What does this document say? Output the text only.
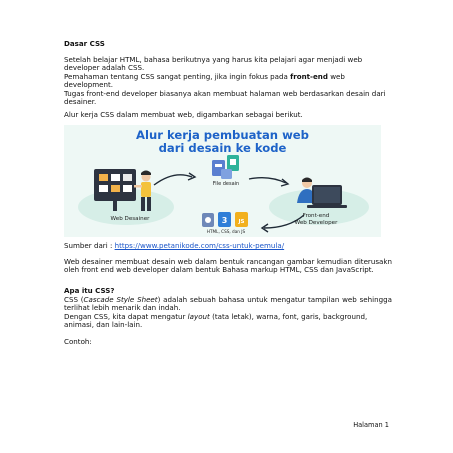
Dasar CSS

Setelah belajar HTML, bahasa berikutnya yang harus kita pelajari agar menjadi web developer adalah CSS.

Pemahaman tentang CSS sangat penting, jika ingin fokus pada front-end web development.

Tugas front-end developer biasanya akan membuat halaman web berdasarkan desain dari desainer.

Alur kerja CSS dalam membuat web, digambarkan sebagai berikut.

Alur kerja pembuatan web
dari desain ke kode
3 JS
File desain
Web Desainer	Front-end
Web Developer
HTML, CSS, dan JS

Sumber dari : https://www.petanikode.com/css-untuk-pemula/

Web desainer membuat desain web dalam bentuk rancangan gambar kemudian diterusakn oleh front end web developer dalam bentuk Bahasa markup HTML, CSS dan JavaScript.

Apa itu CSS?

CSS (Cascade Style Sheet) adalah sebuah bahasa untuk mengatur tampilan web sehingga terlihat lebih menarik dan indah.

Dengan CSS, kita dapat mengatur layout (tata letak), warna, font, garis, background, animasi, dan lain-lain.

Contoh:

Halaman 1
